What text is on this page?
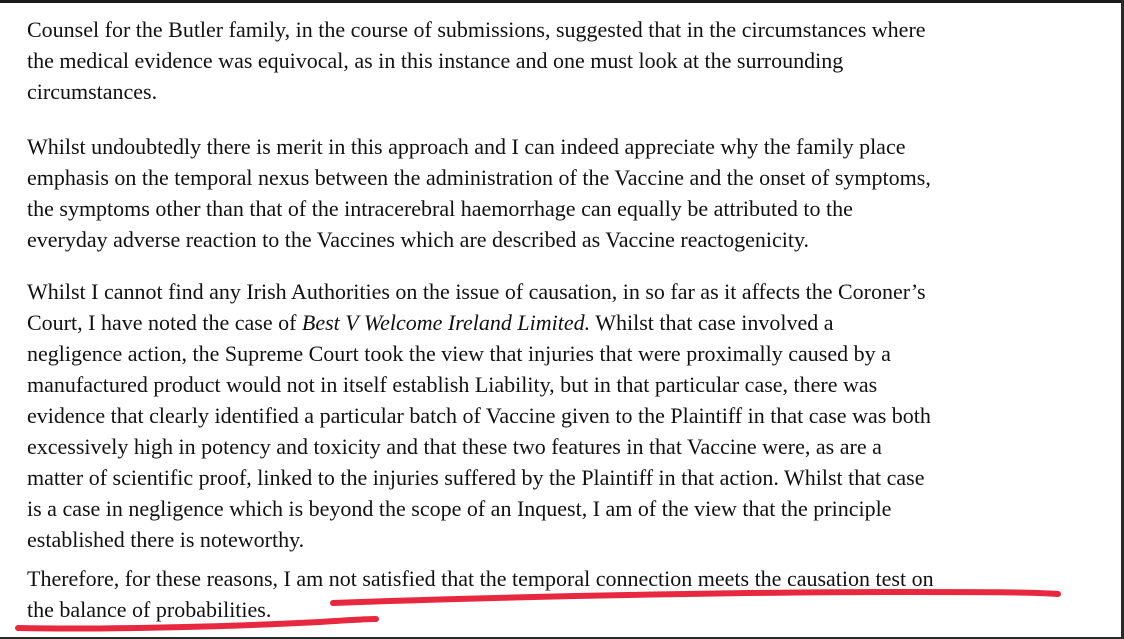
Counsel for the Butler family, in the course of submissions, suggested that in the circumstances where
the medical evidence was equivocal, as in this instance and one must look at the surrounding
circumstances.

Whilst undoubtedly there is merit in this approach and I can indeed appreciate why the family place
emphasis on the temporal nexus between the administration of the Vaccine and the onset of symptoms,
the symptoms other than that of the intracerebral haemorrhage can equally be attributed to the
everyday adverse reaction to the Vaccines which are described as Vaccine reactogenicity.

Whilst I cannot find any Irish Authorities on the issue of causation, in so far as it affects the Coroner’s
Court, I have noted the case of Best V Welcome Ireland Limited. Whilst that case involved a
negligence action, the Supreme Court took the view that injuries that were proximally caused by a
manufactured product would not in itself establish Liability, but in that particular case, there was
evidence that clearly identified a particular batch of Vaccine given to the Plaintiff in that case was both
excessively high in potency and toxicity and that these two features in that Vaccine were, as are a
matter of scientific proof, linked to the injuries suffered by the Plaintiff in that action. Whilst that case
is a case in negligence which is beyond the scope of an Inquest, I am of the view that the principle
established there is noteworthy.

Therefore, for these reasons, I am not satisfied that the temporal connection meets the causation test on
the balance of probabilities.
